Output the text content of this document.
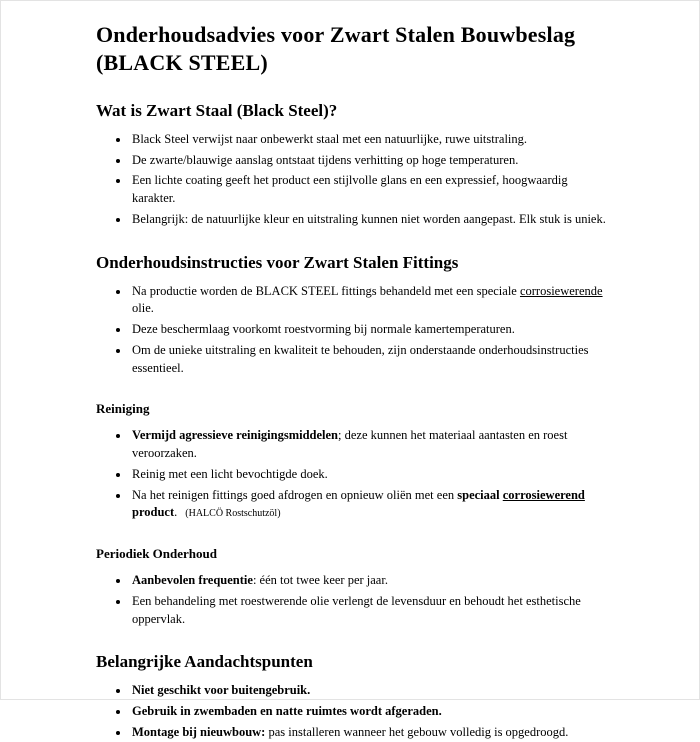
Onderhoudsadvies voor Zwart Stalen Bouwbeslag (BLACK STEEL)
Wat is Zwart Staal (Black Steel)?
• Black Steel verwijst naar onbewerkt staal met een natuurlijke, ruwe uitstraling.
• De zwarte/blauwige aanslag ontstaat tijdens verhitting op hoge temperaturen.
• Een lichte coating geeft het product een stijlvolle glans en een expressief, hoogwaardig karakter.
• Belangrijk: de natuurlijke kleur en uitstraling kunnen niet worden aangepast. Elk stuk is uniek.
Onderhoudsinstructies voor Zwart Stalen Fittings
• Na productie worden de BLACK STEEL fittings behandeld met een speciale corrosiewerende olie.
• Deze beschermlaag voorkomt roestvorming bij normale kamertemperaturen.
• Om de unieke uitstraling en kwaliteit te behouden, zijn onderstaande onderhoudsinstructies essentieel.
Reiniging
• Vermijd agressieve reinigingsmiddelen; deze kunnen het materiaal aantasten en roest veroorzaken.
• Reinig met een licht bevochtigde doek.
• Na het reinigen fittings goed afdrogen en opnieuw oliën met een speciaal corrosiewerend product. (HALCÖ Rostschutzöl)
Periodiek Onderhoud
• Aanbevolen frequentie: één tot twee keer per jaar.
• Een behandeling met roestwerende olie verlengt de levensduur en behoudt het esthetische oppervlak.
Belangrijke Aandachtspunten
• Niet geschikt voor buitengebruik.
• Gebruik in zwembaden en natte ruimtes wordt afgeraden.
• Montage bij nieuwbouw: pas installeren wanneer het gebouw volledig is opgedroogd.
